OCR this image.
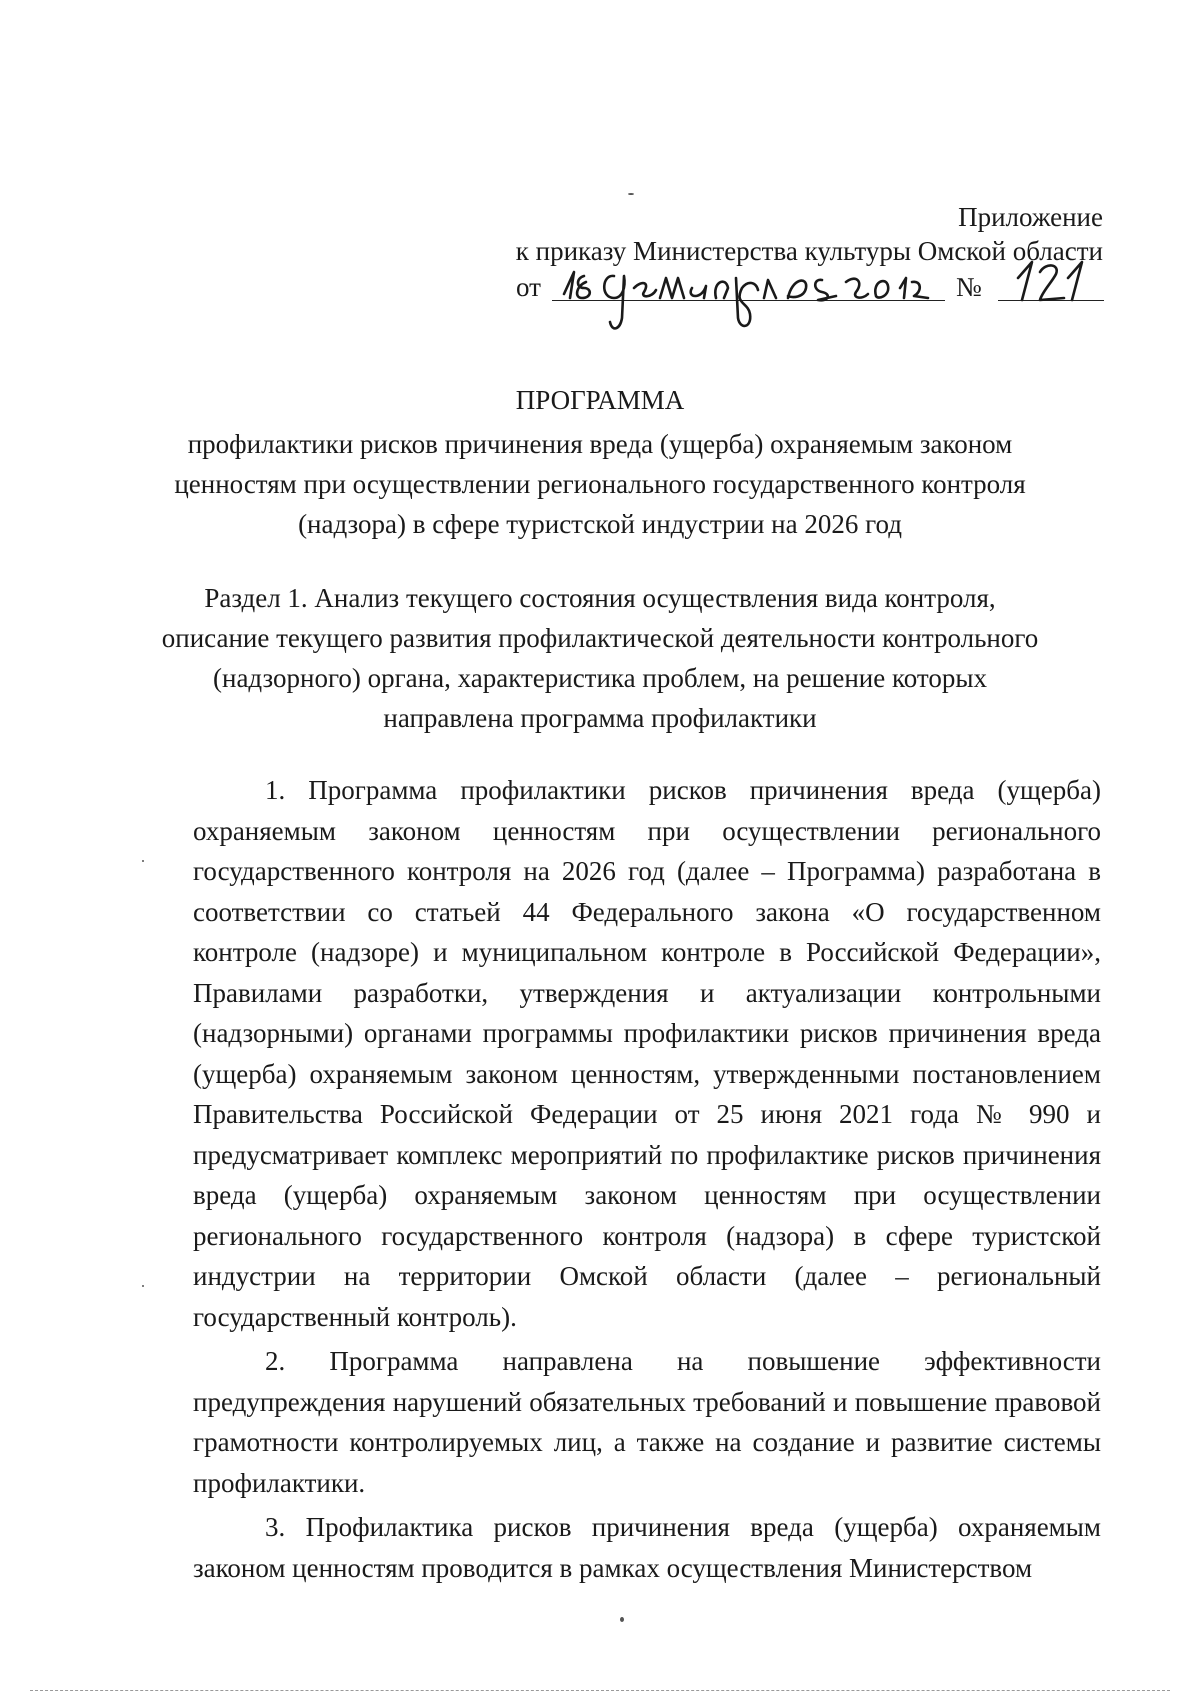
Приложение
к приказу Министерства культуры Омской области
от	№
ПРОГРАММА
профилактики рисков причинения вреда (ущерба) охраняемым законом ценностям при осуществлении регионального государственного контроля (надзора) в сфере туристской индустрии на 2026 год
Раздел 1. Анализ текущего состояния осуществления вида контроля, описание текущего развития профилактической деятельности контрольного (надзорного) органа, характеристика проблем, на решение которых направлена программа профилактики

1. Программа профилактики рисков причинения вреда (ущерба) охраняемым законом ценностям при осуществлении регионального государственного контроля на 2026 год (далее – Программа) разработана в соответствии со статьей 44 Федерального закона «О государственном контроле (надзоре) и муниципальном контроле в Российской Федерации», Правилами разработки, утверждения и актуализации контрольными (надзорными) органами программы профилактики рисков причинения вреда (ущерба) охраняемым законом ценностям, утвержденными постановлением Правительства Российской Федерации от 25 июня 2021 года № 990 и предусматривает комплекс мероприятий по профилактике рисков причинения вреда (ущерба) охраняемым законом ценностям при осуществлении регионального государственного контроля (надзора) в сфере туристской индустрии на территории Омской области (далее – региональный государственный контроль).

2. Программа направлена на повышение эффективности предупреждения нарушений обязательных требований и повышение правовой грамотности контролируемых лиц, а также на создание и развитие системы профилактики.

3. Профилактика рисков причинения вреда (ущерба) охраняемым законом ценностям проводится в рамках осуществления Министерством
